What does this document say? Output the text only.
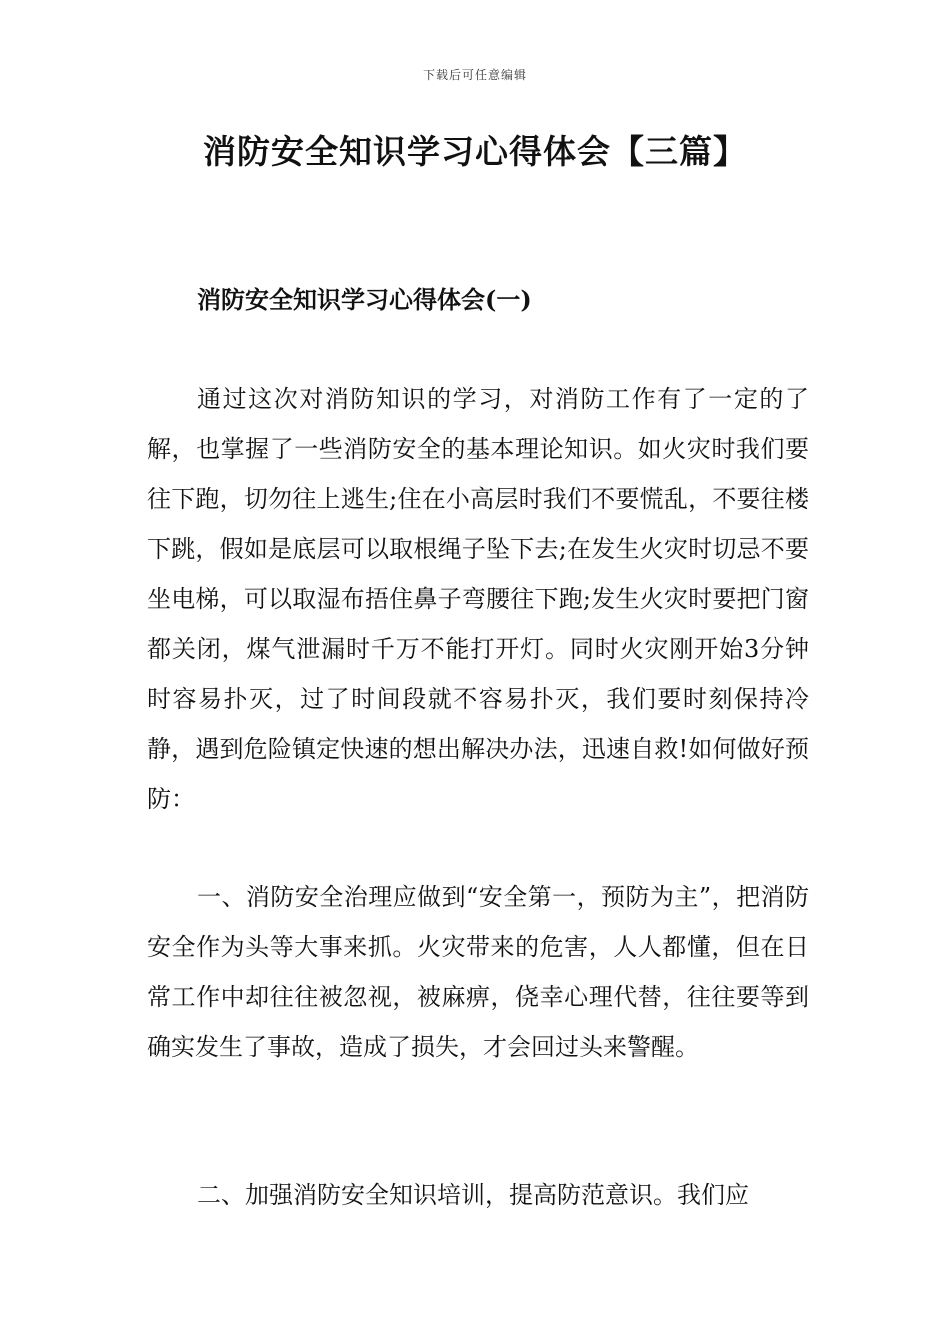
下载后可任意编辑
消防安全知识学习心得体会【三篇】
消防安全知识学习心得体会(一)

通过这次对消防知识的学习，对消防工作有了一定的了解，也掌握了一些消防安全的基本理论知识。如火灾时我们要往下跑，切勿往上逃生;住在小高层时我们不要慌乱，不要往楼下跳，假如是底层可以取根绳子坠下去;在发生火灾时切忌不要坐电梯，可以取湿布捂住鼻子弯腰往下跑;发生火灾时要把门窗都关闭，煤气泄漏时千万不能打开灯。同时火灾刚开始3分钟时容易扑灭，过了时间段就不容易扑灭，我们要时刻保持冷静，遇到危险镇定快速的想出解决办法，迅速自救!如何做好预防：

一、消防安全治理应做到“安全第一，预防为主”，把消防安全作为头等大事来抓。火灾带来的危害，人人都懂，但在日常工作中却往往被忽视，被麻痹，侥幸心理代替，往往要等到确实发生了事故，造成了损失，才会回过头来警醒。

二、加强消防安全知识培训，提高防范意识。我们应
